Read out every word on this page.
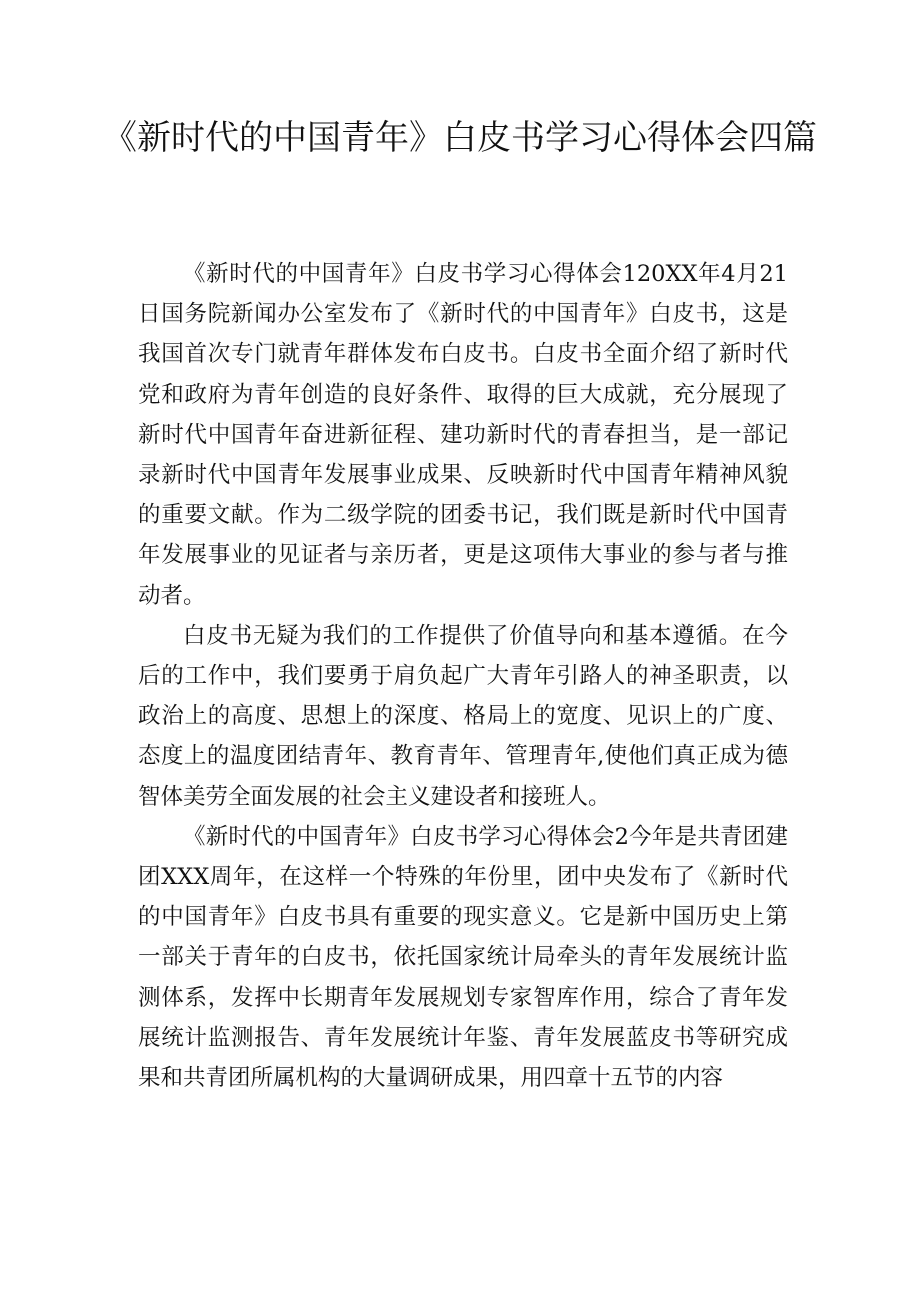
《新时代的中国青年》白皮书学习心得体会四篇

《新时代的中国青年》白皮书学习心得体会120XX年4月21日国务院新闻办公室发布了《新时代的中国青年》白皮书，这是我国首次专门就青年群体发布白皮书。白皮书全面介绍了新时代党和政府为青年创造的良好条件、取得的巨大成就，充分展现了新时代中国青年奋进新征程、建功新时代的青春担当，是一部记录新时代中国青年发展事业成果、反映新时代中国青年精神风貌的重要文献。作为二级学院的团委书记，我们既是新时代中国青年发展事业的见证者与亲历者，更是这项伟大事业的参与者与推动者。

白皮书无疑为我们的工作提供了价值导向和基本遵循。在今后的工作中，我们要勇于肩负起广大青年引路人的神圣职责，以政治上的高度、思想上的深度、格局上的宽度、见识上的广度、态度上的温度团结青年、教育青年、管理青年,使他们真正成为德智体美劳全面发展的社会主义建设者和接班人。

《新时代的中国青年》白皮书学习心得体会2今年是共青团建团XXX周年，在这样一个特殊的年份里，团中央发布了《新时代的中国青年》白皮书具有重要的现实意义。它是新中国历史上第一部关于青年的白皮书，依托国家统计局牵头的青年发展统计监测体系，发挥中长期青年发展规划专家智库作用，综合了青年发展统计监测报告、青年发展统计年鉴、青年发展蓝皮书等研究成果和共青团所属机构的大量调研成果，用四章十五节的内容
